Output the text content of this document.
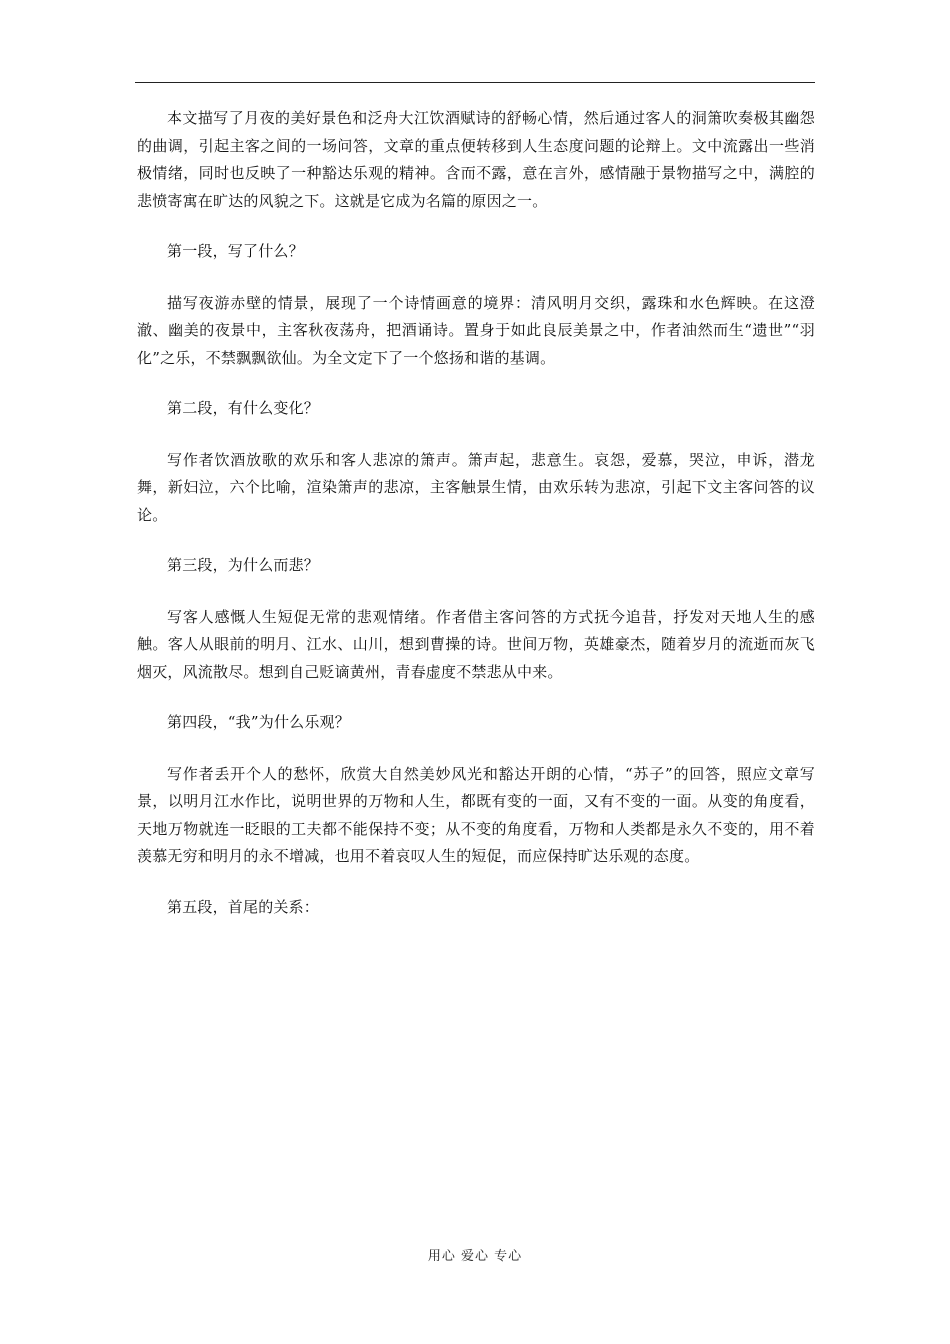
本文描写了月夜的美好景色和泛舟大江饮酒赋诗的舒畅心情，然后通过客人的洞箫吹奏极其幽怨的曲调，引起主客之间的一场问答，文章的重点便转移到人生态度问题的论辩上。文中流露出一些消极情绪，同时也反映了一种豁达乐观的精神。含而不露，意在言外，感情融于景物描写之中，满腔的悲愤寄寓在旷达的风貌之下。这就是它成为名篇的原因之一。

第一段，写了什么？

描写夜游赤壁的情景，展现了一个诗情画意的境界：清风明月交织，露珠和水色辉映。在这澄澈、幽美的夜景中，主客秋夜荡舟，把酒诵诗。置身于如此良辰美景之中，作者油然而生“遗世”“羽化”之乐，不禁飘飘欲仙。为全文定下了一个悠扬和谐的基调。

第二段，有什么变化？

写作者饮酒放歌的欢乐和客人悲凉的箫声。箫声起，悲意生。哀怨，爱慕，哭泣，申诉，潜龙舞，新妇泣，六个比喻，渲染箫声的悲凉，主客触景生情，由欢乐转为悲凉，引起下文主客问答的议论。

第三段，为什么而悲？

写客人感慨人生短促无常的悲观情绪。作者借主客问答的方式抚今追昔，抒发对天地人生的感触。客人从眼前的明月、江水、山川，想到曹操的诗。世间万物，英雄豪杰，随着岁月的流逝而灰飞烟灭，风流散尽。想到自己贬谪黄州，青春虚度不禁悲从中来。

第四段，“我”为什么乐观？

写作者丢开个人的愁怀，欣赏大自然美妙风光和豁达开朗的心情，“苏子”的回答，照应文章写景，以明月江水作比，说明世界的万物和人生，都既有变的一面，又有不变的一面。从变的角度看，天地万物就连一眨眼的工夫都不能保持不变；从不变的角度看，万物和人类都是永久不变的，用不着羡慕无穷和明月的永不增减，也用不着哀叹人生的短促，而应保持旷达乐观的态度。

第五段，首尾的关系：

用心 爱心 专心
